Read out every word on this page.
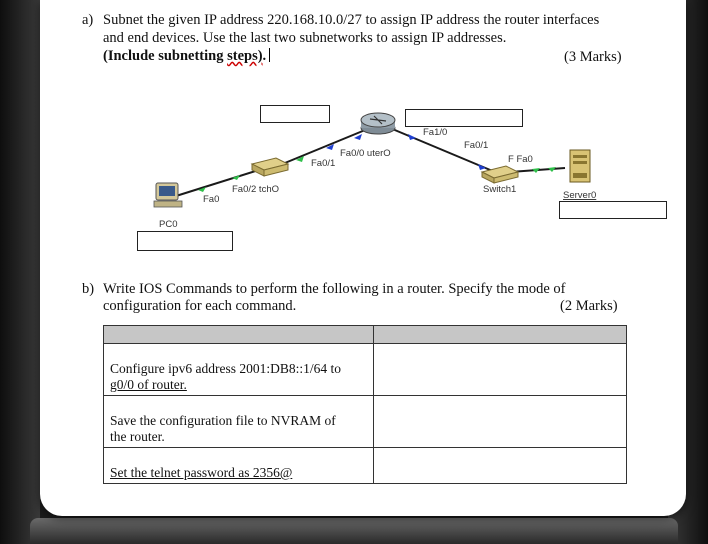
a) Subnet the given IP address 220.168.10.0/27 to assign IP address the router interfaces
and end devices. Use the last two subnetworks to assign IP addresses.
(Include subnetting steps).	(3 Marks)
PC0
Fa0
Fa0/2 tchO
Fa0/1
Fa0/0 uterO
Fa1/0
Fa0/1
F Fa0
Switch1
Server0
b) Write IOS Commands to perform the following in a router. Specify the mode of
configuration for each command.	(2 Marks)

Configure ipv6 address 2001:DB8::1/64 to
g0/0 of router.	

Save the configuration file to NVRAM of
the router.	

Set the telnet password as 2356@	
